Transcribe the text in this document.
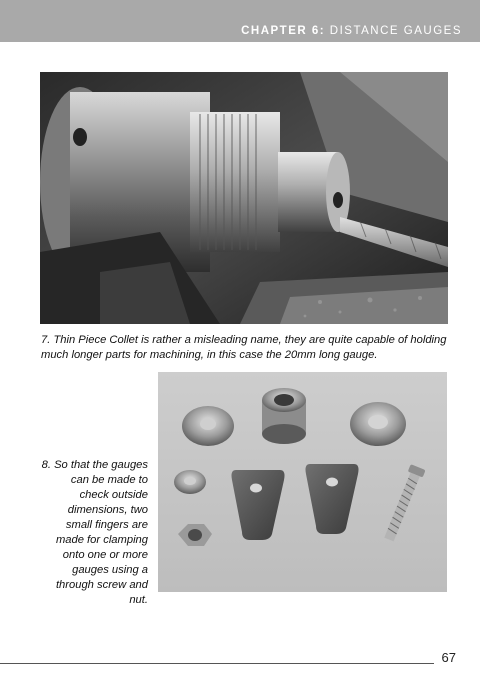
CHAPTER 6: DISTANCE GAUGES
7. Thin Piece Collet is rather a misleading name, they are quite capable of holding much longer parts for machining, in this case the 20mm long gauge.
8. So that the gauges can be made to check outside dimensions, two small fingers are made for clamping onto one or more gauges using a through screw and nut.
67
